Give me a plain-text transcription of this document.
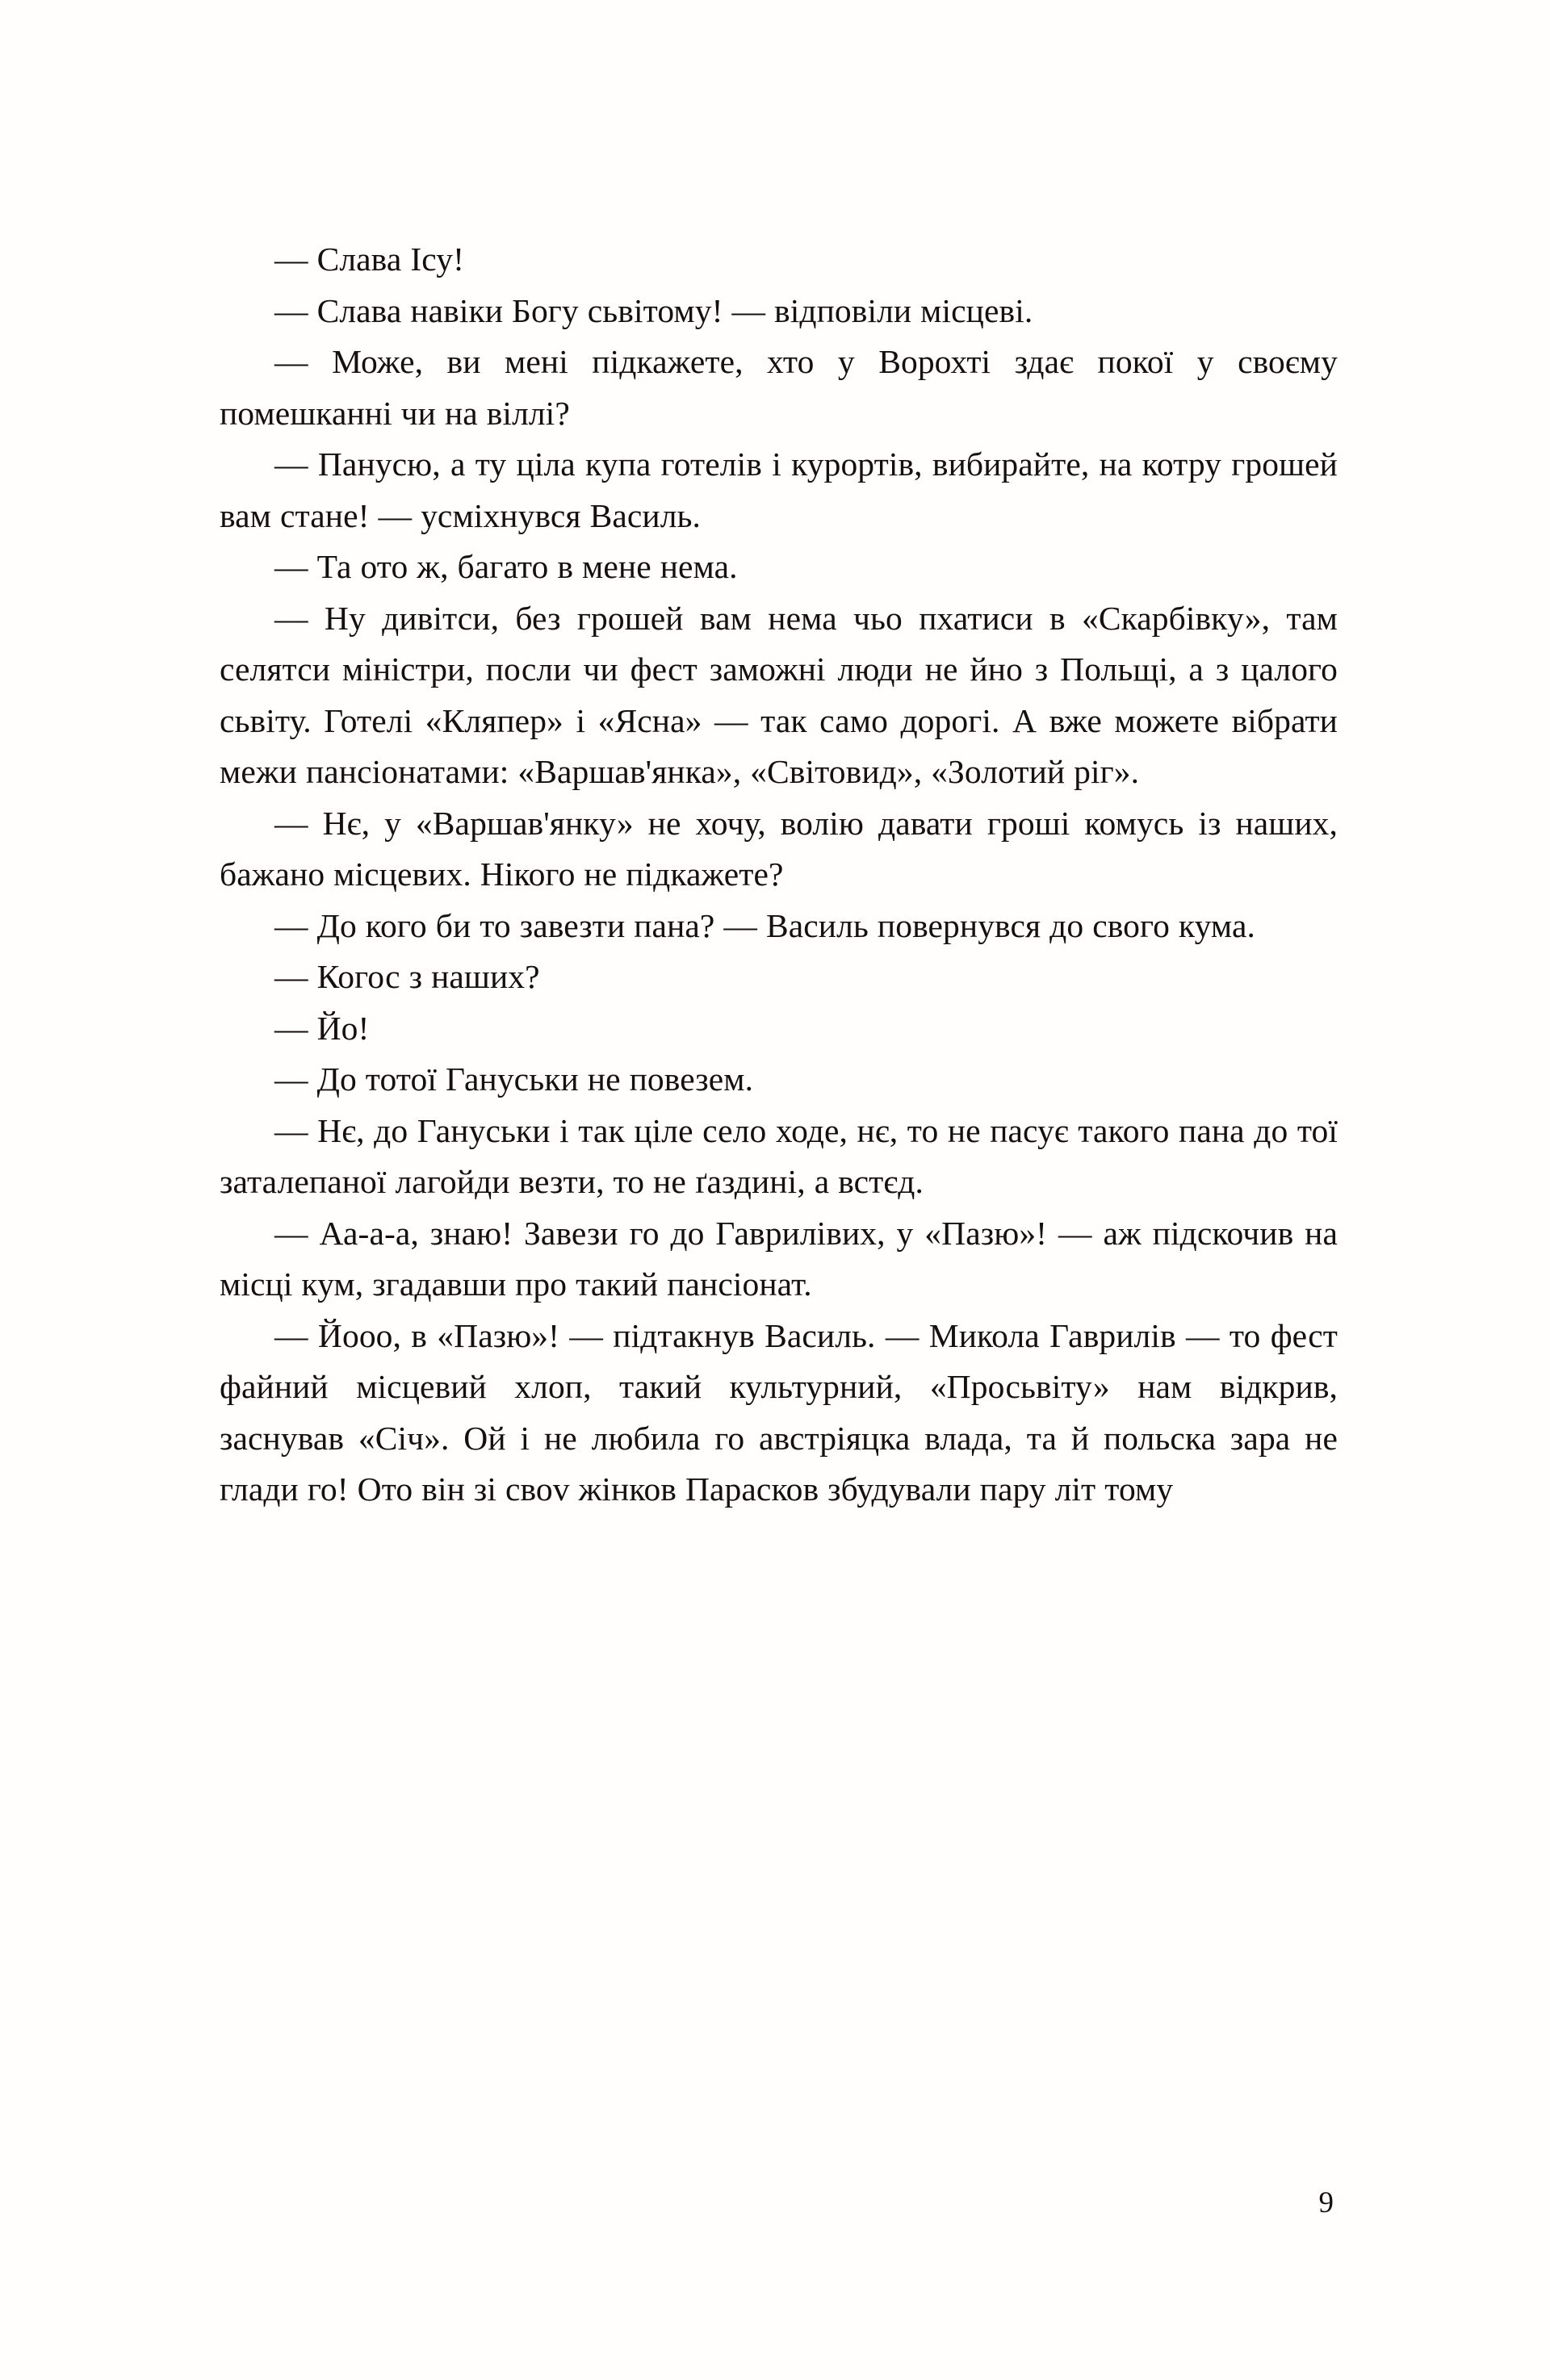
— Слава Ісу!

— Слава навіки Богу сьвітому! — відповіли місцеві.

— Може, ви мені підкажете, хто у Ворохті здає покої у своєму помешканні чи на віллі?

— Панусю, а ту ціла купа готелів і курортів, вибирайте, на котру грошей вам стане! — усміхнувся Василь.

— Та ото ж, багато в мене нема.

— Ну дивітси, без грошей вам нема чьо пхатиси в «Скарбівку», там селятси міністри, посли чи фест заможні люди не йно з Польщі, а з цалого сьвіту. Готелі «Кляпер» і «Ясна» — так само дорогі. А вже можете вібрати межи пансіонатами: «Варшав'янка», «Світовид», «Золотий ріг».

— Нє, у «Варшав'янку» не хочу, волію давати гроші комусь із наших, бажано місцевих. Нікого не підкажете?

— До кого би то завезти пана? — Василь повернувся до свого кума.

— Когос з наших?

— Йо!

— До тотої Гануськи не повезем.

— Нє, до Гануськи і так ціле село ходе, нє, то не пасує такого пана до тої заталепаної лагойди везти, то не ґаздині, а встєд.

— Аа-а-а, знаю! Завези го до Гаврилівих, у «Пазю»! — аж підскочив на місці кум, згадавши про такий пансіонат.

— Йооо, в «Пазю»! — підтакнув Василь. — Микола Гаврилів — то фест файний місцевий хлоп, такий культурний, «Просьвіту» нам відкрив, заснував «Січ». Ой і не любила го австріяцка влада, та й польска зара не глади го! Ото він зі своv жінков Парасков збудували пару літ тому

9
